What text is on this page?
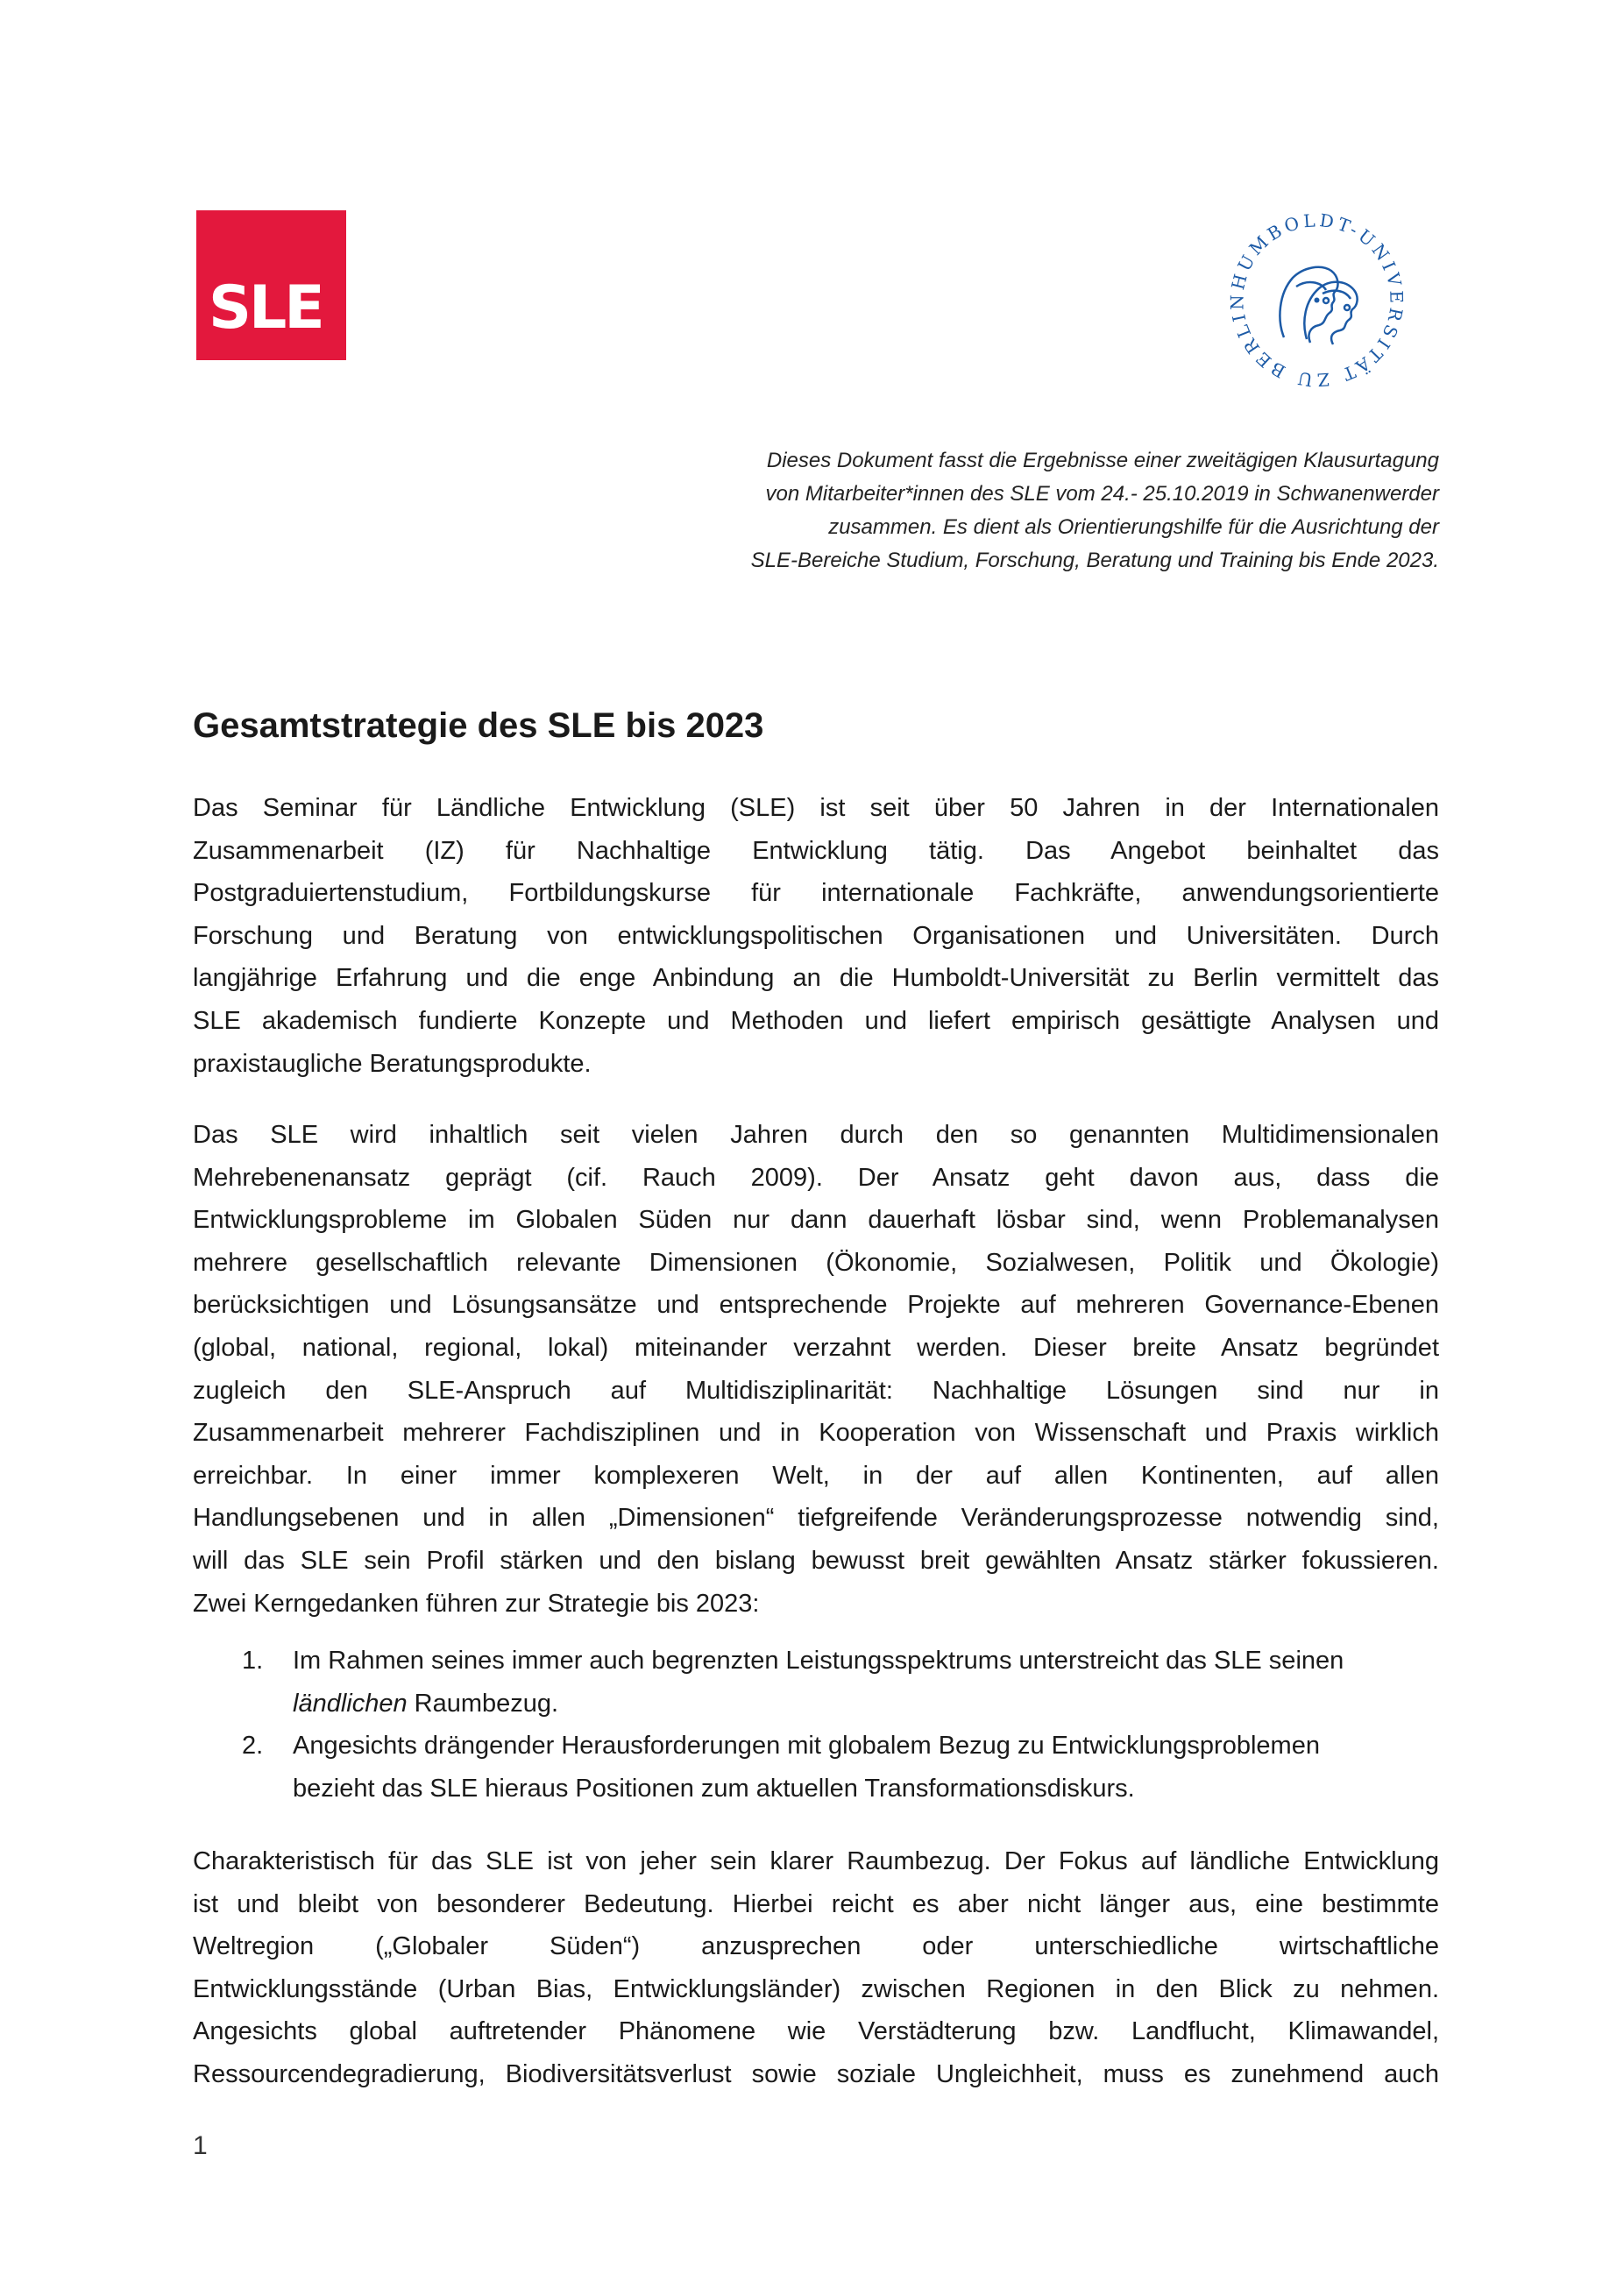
SLE	HUMBOLDT-UNIVERSITÄT ZU BERLIN
Dieses Dokument fasst die Ergebnisse einer zweitägigen Klausurtagung
von Mitarbeiter*innen des SLE vom 24.- 25.10.2019 in Schwanenwerder
zusammen. Es dient als Orientierungshilfe für die Ausrichtung der
SLE-Bereiche Studium, Forschung, Beratung und Training bis Ende 2023.
Gesamtstrategie des SLE bis 2023
Das Seminar für Ländliche Entwicklung (SLE) ist seit über 50 Jahren in der Internationalen
Zusammenarbeit (IZ) für Nachhaltige Entwicklung tätig. Das Angebot beinhaltet das
Postgraduiertenstudium, Fortbildungskurse für internationale Fachkräfte, anwendungsorientierte
Forschung und Beratung von entwicklungspolitischen Organisationen und Universitäten. Durch
langjährige Erfahrung und die enge Anbindung an die Humboldt-Universität zu Berlin vermittelt das
SLE akademisch fundierte Konzepte und Methoden und liefert empirisch gesättigte Analysen und
praxistaugliche Beratungsprodukte.
Das SLE wird inhaltlich seit vielen Jahren durch den so genannten Multidimensionalen
Mehrebenenansatz geprägt (cif. Rauch 2009). Der Ansatz geht davon aus, dass die
Entwicklungsprobleme im Globalen Süden nur dann dauerhaft lösbar sind, wenn Problemanalysen
mehrere gesellschaftlich relevante Dimensionen (Ökonomie, Sozialwesen, Politik und Ökologie)
berücksichtigen und Lösungsansätze und entsprechende Projekte auf mehreren Governance-Ebenen
(global, national, regional, lokal) miteinander verzahnt werden. Dieser breite Ansatz begründet
zugleich den SLE-Anspruch auf Multidisziplinarität: Nachhaltige Lösungen sind nur in
Zusammenarbeit mehrerer Fachdisziplinen und in Kooperation von Wissenschaft und Praxis wirklich
erreichbar. In einer immer komplexeren Welt, in der auf allen Kontinenten, auf allen
Handlungsebenen und in allen „Dimensionen“ tiefgreifende Veränderungsprozesse notwendig sind,
will das SLE sein Profil stärken und den bislang bewusst breit gewählten Ansatz stärker fokussieren.
Zwei Kerngedanken führen zur Strategie bis 2023:
1. Im Rahmen seines immer auch begrenzten Leistungsspektrums unterstreicht das SLE seinen
ländlichen Raumbezug.
2. Angesichts drängender Herausforderungen mit globalem Bezug zu Entwicklungsproblemen
bezieht das SLE hieraus Positionen zum aktuellen Transformationsdiskurs.
Charakteristisch für das SLE ist von jeher sein klarer Raumbezug. Der Fokus auf ländliche Entwicklung
ist und bleibt von besonderer Bedeutung. Hierbei reicht es aber nicht länger aus, eine bestimmte
Weltregion („Globaler Süden“) anzusprechen oder unterschiedliche wirtschaftliche
Entwicklungsstände (Urban Bias, Entwicklungsländer) zwischen Regionen in den Blick zu nehmen.
Angesichts global auftretender Phänomene wie Verstädterung bzw. Landflucht, Klimawandel,
Ressourcendegradierung, Biodiversitätsverlust sowie soziale Ungleichheit, muss es zunehmend auch
1
